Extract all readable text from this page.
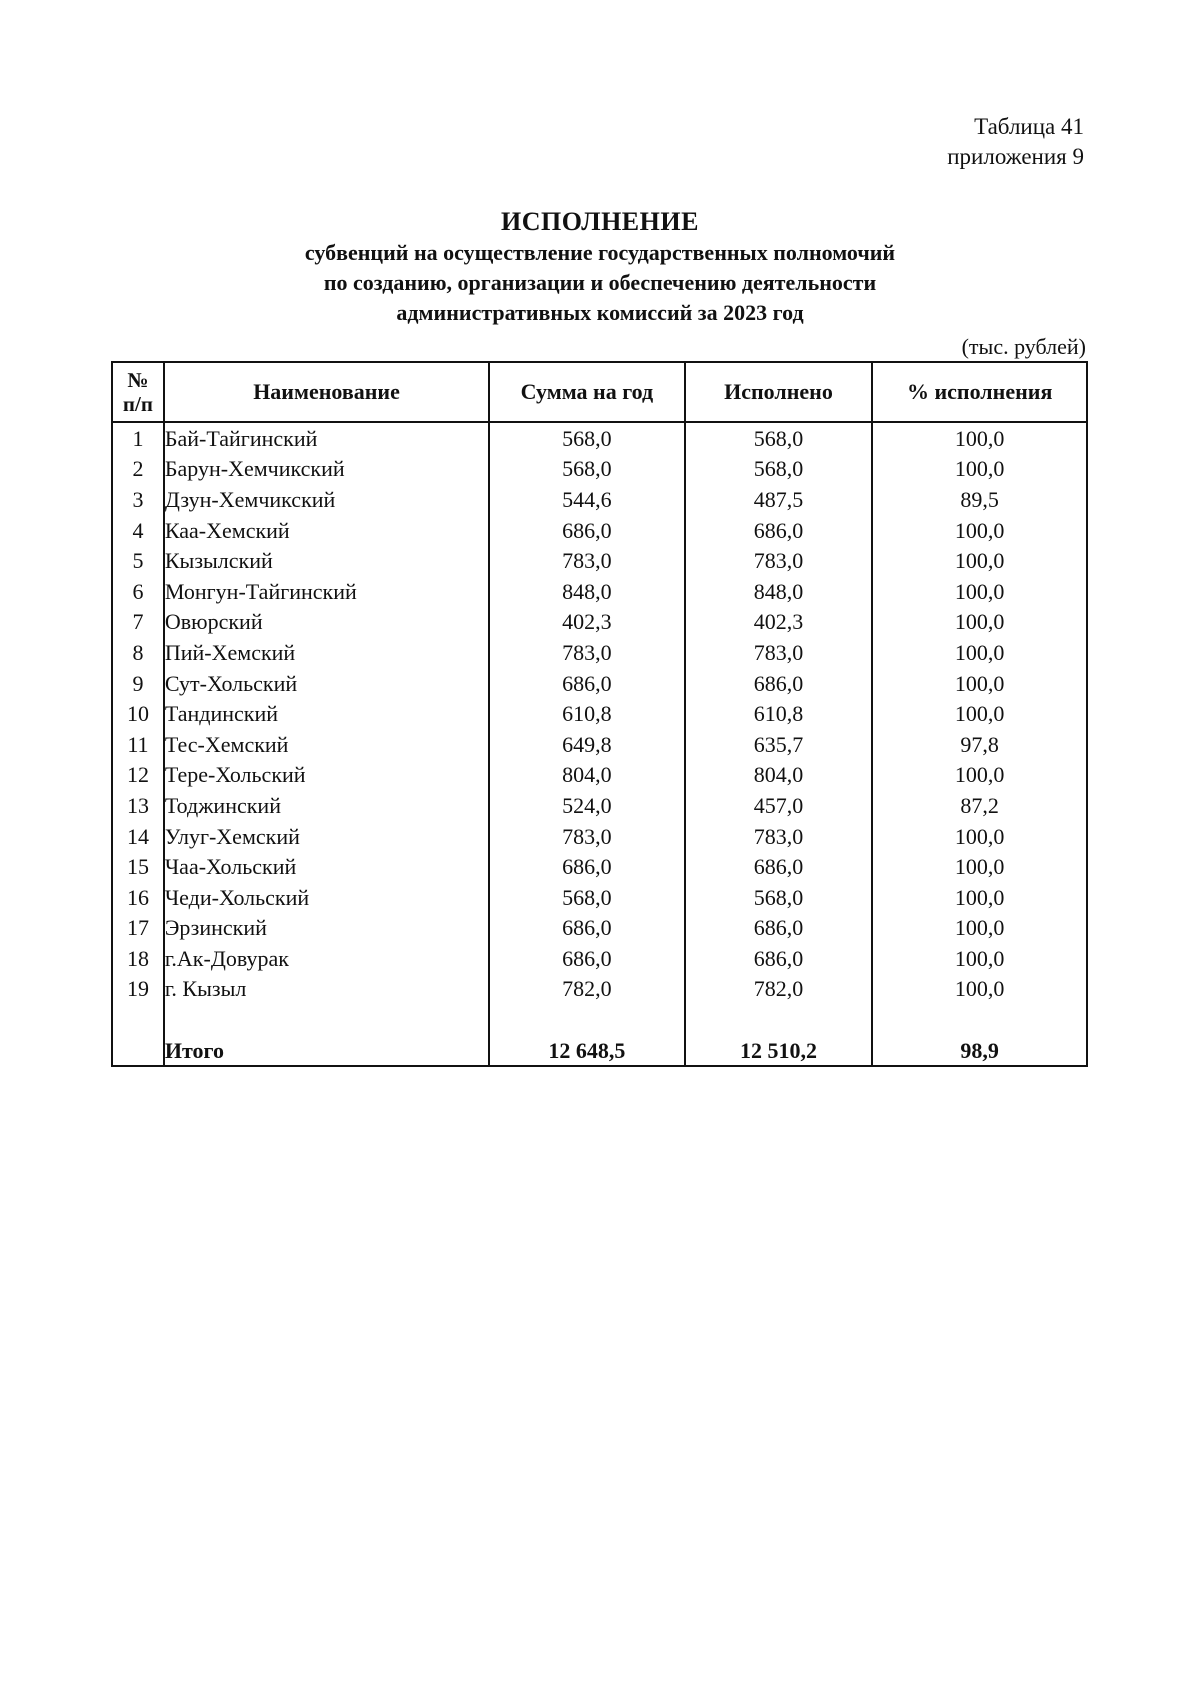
Таблица 41
приложения 9
ИСПОЛНЕНИЕ
субвенций на осуществление государственных полномочий
по созданию, организации и обеспечению деятельности
административных комиссий за 2023 год
(тыс. рублей)
№
п/п	Наименование	Сумма на год	Исполнено	% исполнения
1	Бай-Тайгинский	568,0	568,0	100,0
2	Барун-Хемчикский	568,0	568,0	100,0
3	Дзун-Хемчикский	544,6	487,5	89,5
4	Каа-Хемский	686,0	686,0	100,0
5	Кызылский	783,0	783,0	100,0
6	Монгун-Тайгинский	848,0	848,0	100,0
7	Овюрский	402,3	402,3	100,0
8	Пий-Хемский	783,0	783,0	100,0
9	Сут-Хольский	686,0	686,0	100,0
10	Тандинский	610,8	610,8	100,0
11	Тес-Хемский	649,8	635,7	97,8
12	Тере-Хольский	804,0	804,0	100,0
13	Тоджинский	524,0	457,0	87,2
14	Улуг-Хемский	783,0	783,0	100,0
15	Чаа-Хольский	686,0	686,0	100,0
16	Чеди-Хольский	568,0	568,0	100,0
17	Эрзинский	686,0	686,0	100,0
18	г.Ак-Довурак	686,0	686,0	100,0
19	г. Кызыл	782,0	782,0	100,0

	Итого	12 648,5	12 510,2	98,9
